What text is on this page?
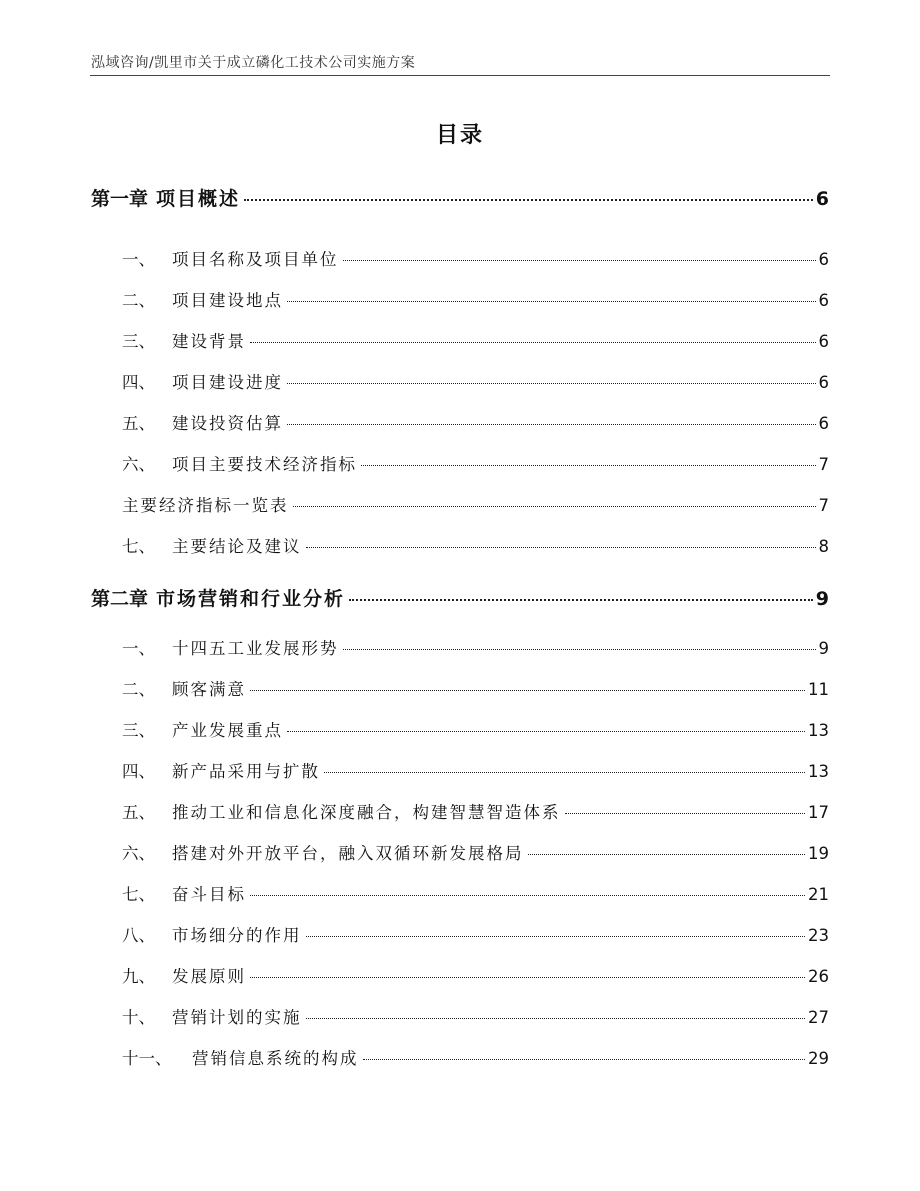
泓域咨询/凯里市关于成立磷化工技术公司实施方案
目录
第一章 项目概述	6
一、	项目名称及项目单位	6
二、	项目建设地点	6
三、	建设背景	6
四、	项目建设进度	6
五、	建设投资估算	6
六、	项目主要技术经济指标	7
主要经济指标一览表	7
七、	主要结论及建议	8
第二章 市场营销和行业分析	9
一、	十四五工业发展形势	9
二、	顾客满意	11
三、	产业发展重点	13
四、	新产品采用与扩散	13
五、	推动工业和信息化深度融合，构建智慧智造体系	17
六、	搭建对外开放平台，融入双循环新发展格局	19
七、	奋斗目标	21
八、	市场细分的作用	23
九、	发展原则	26
十、	营销计划的实施	27
十一、	营销信息系统的构成	29
